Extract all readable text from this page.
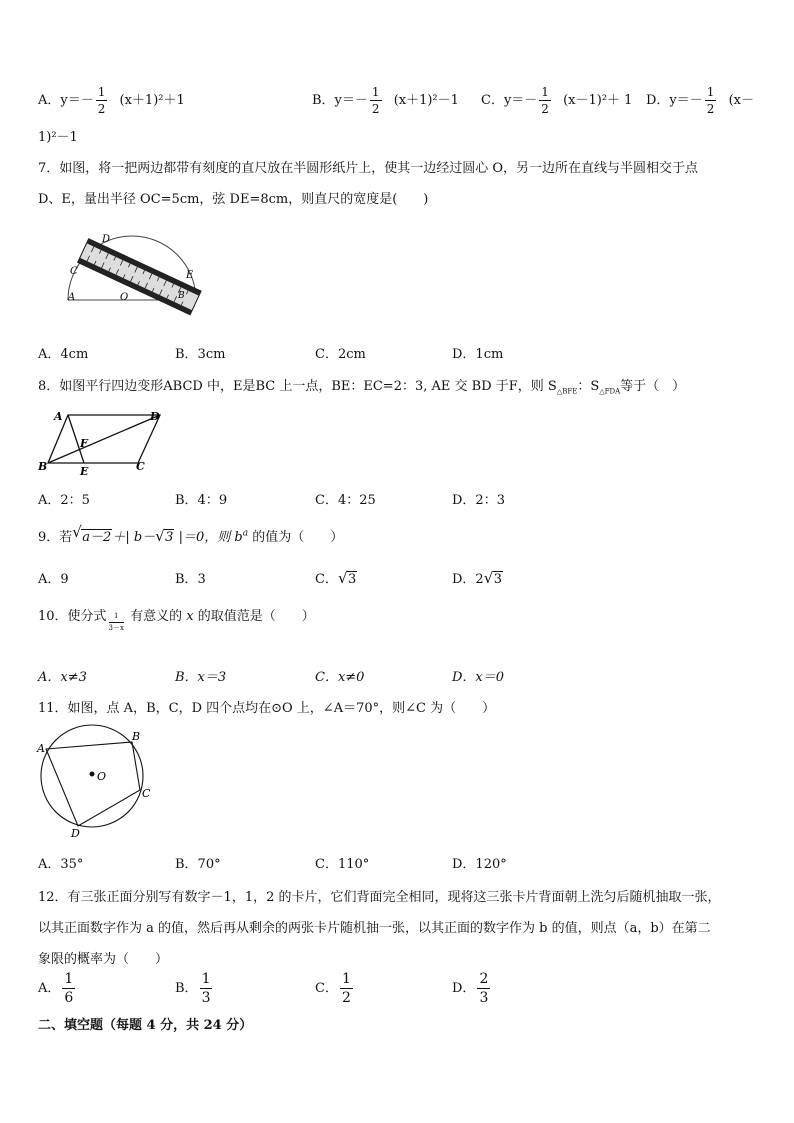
A．$y=- \frac{1}{2} (x+1)^2+1$	B．$y=- \frac{1}{2} (x+1)^2-1$ C．$y=- \frac{1}{2} (x-1)^2+ 1$ D．$y=- \frac{1}{2} (x-$
1)²－1
7．如图，将一把两边都带有刻度的直尺放在半圆形纸片上，使其一边经过圆心 O，另一边所在直线与半圆相交于点
D、E，量出半径 OC=5cm，弦 DE=8cm，则直尺的宽度是(　　)
D
C
A	O
E
B
A．4cm	B．3cm	C．2cm	D．1cm
8．如图平行四边变形ABCD 中，E是BC 上一点，BE：EC=2：3, AE 交 BD 于F，则 $S_{\triangle BFE}$：$S_{\triangle FDA}$等于（　）
A	D
F
B	E	C
A．2：5	B．4：9	C．4：25	D．2：3
9．若 √ a－2＋| b－ √ 3 |＝0，则 $b^a$ 的值为（　　）
A．9	B．3	C． √ 3	D．2 √ 3
10．使分式 $\frac{1}{3-x}$ 有意义的 x 的取值范是（　　）
A．x≠3	B．x＝3	C．x≠0	D．x＝0
11．如图，点 A，B，C，D 四个点均在⊙O 上，∠A＝70°，则∠C 为（　　）
O
A
B
C
D
A．35°	B．70°	C．110°	D．120°
12．有三张正面分别写有数字－1，1，2 的卡片，它们背面完全相同，现将这三张卡片背面朝上洗匀后随机抽取一张，
以其正面数字作为 a 的值，然后再从剩余的两张卡片随机抽一张，以其正面的数字作为 b 的值，则点（a，b）在第二
象限的概率为（　　）
A． $\frac{1}{6}$	B． $\frac{1}{3}$	C． $\frac{1}{2}$	D． $\frac{2}{3}$
二、填空题（每题 4 分，共 24 分）
